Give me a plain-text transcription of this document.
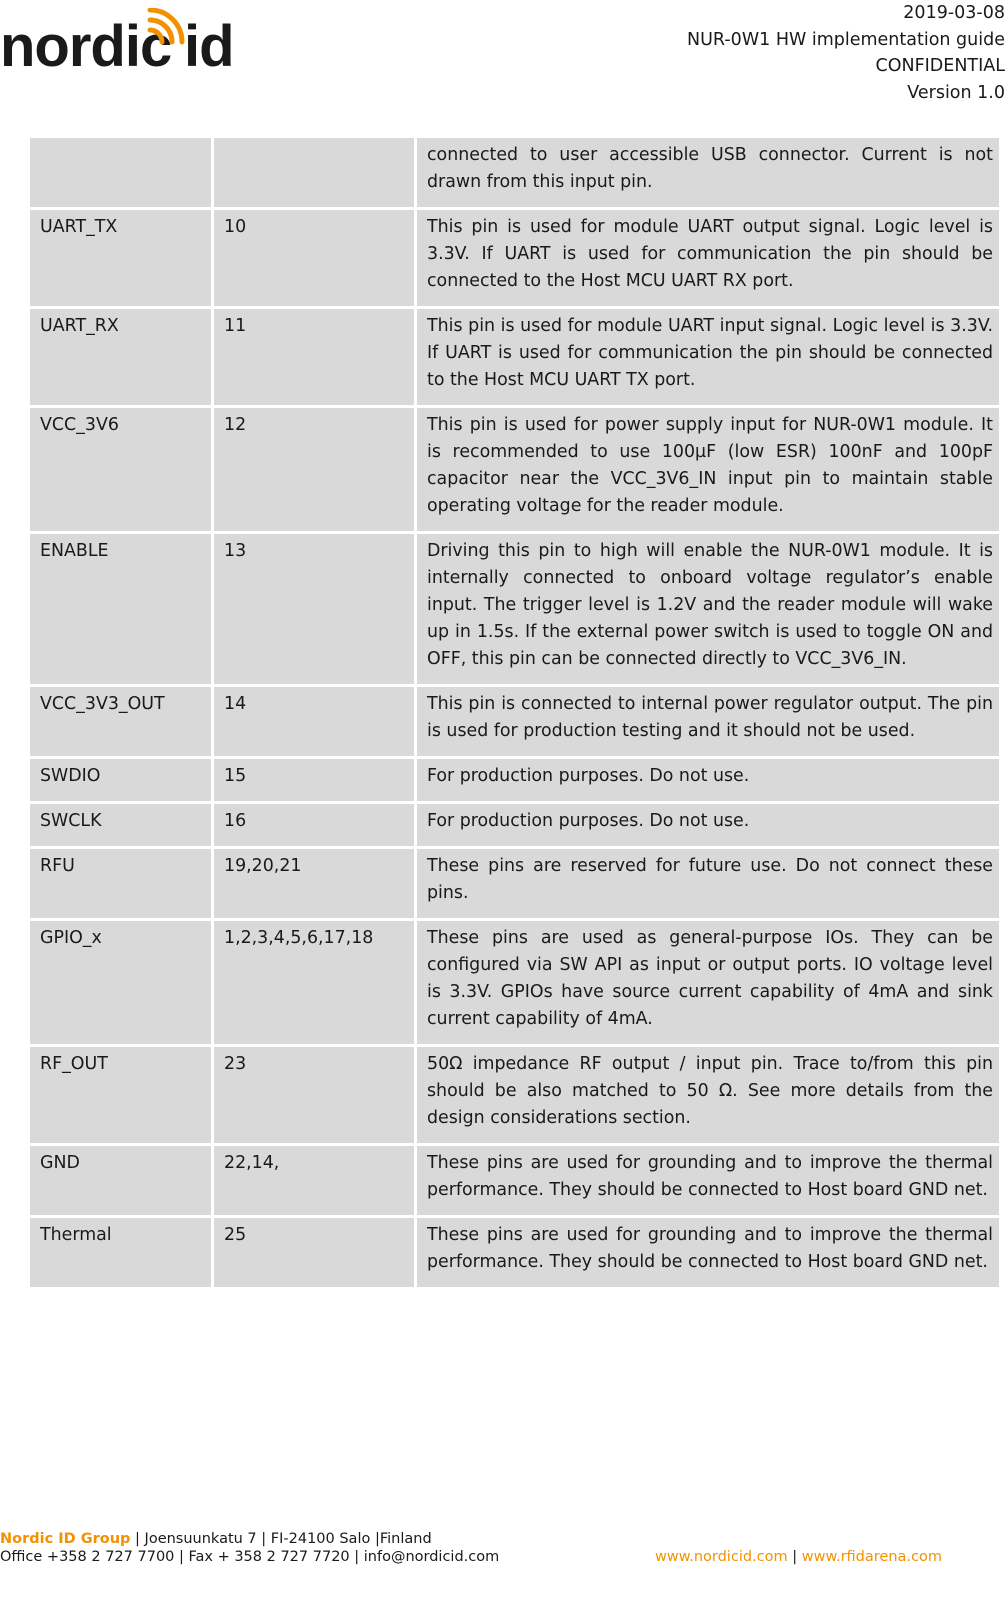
nordic id
2019-03-08
NUR-0W1 HW implementation guide
CONFIDENTIAL
Version 1.0
		connected to user accessible USB connector. Current is not drawn from this input pin.
UART_TX	10	This pin is used for module UART output signal. Logic level is 3.3V. If UART is used for communication the pin should be connected to the Host MCU UART RX port.
UART_RX	11	This pin is used for module UART input signal. Logic level is 3.3V. If UART is used for communication the pin should be connected to the Host MCU UART TX port.
VCC_3V6	12	This pin is used for power supply input for NUR-0W1 module. It is recommended to use 100µF (low ESR) 100nF and 100pF capacitor near the VCC_3V6_IN input pin to maintain stable operating voltage for the reader module.
ENABLE	13	Driving this pin to high will enable the NUR-0W1 module. It is internally connected to onboard voltage regulator’s enable input. The trigger level is 1.2V and the reader module will wake up in 1.5s. If the external power switch is used to toggle ON and OFF, this pin can be connected directly to VCC_3V6_IN.
VCC_3V3_OUT	14	This pin is connected to internal power regulator output. The pin is used for production testing and it should not be used.
SWDIO	15	For production purposes. Do not use.
SWCLK	16	For production purposes. Do not use.
RFU	19,20,21	These pins are reserved for future use. Do not connect these pins.
GPIO_x	1,2,3,4,5,6,17,18	These pins are used as general-purpose IOs. They can be configured via SW API as input or output ports. IO voltage level is 3.3V. GPIOs have source current capability of 4mA and sink current capability of 4mA.
RF_OUT	23	50Ω impedance RF output / input pin. Trace to/from this pin should be also matched to 50 Ω. See more details from the design considerations section.
GND	22,14,	These pins are used for grounding and to improve the thermal performance. They should be connected to Host board GND net.
Thermal	25	These pins are used for grounding and to improve the thermal performance. They should be connected to Host board GND net.
Nordic ID Group | Joensuunkatu 7 | FI-24100 Salo |Finland
Office +358 2 727 7700 | Fax + 358 2 727 7720 | info@nordicid.com	www.nordicid.com | www.rfidarena.com
